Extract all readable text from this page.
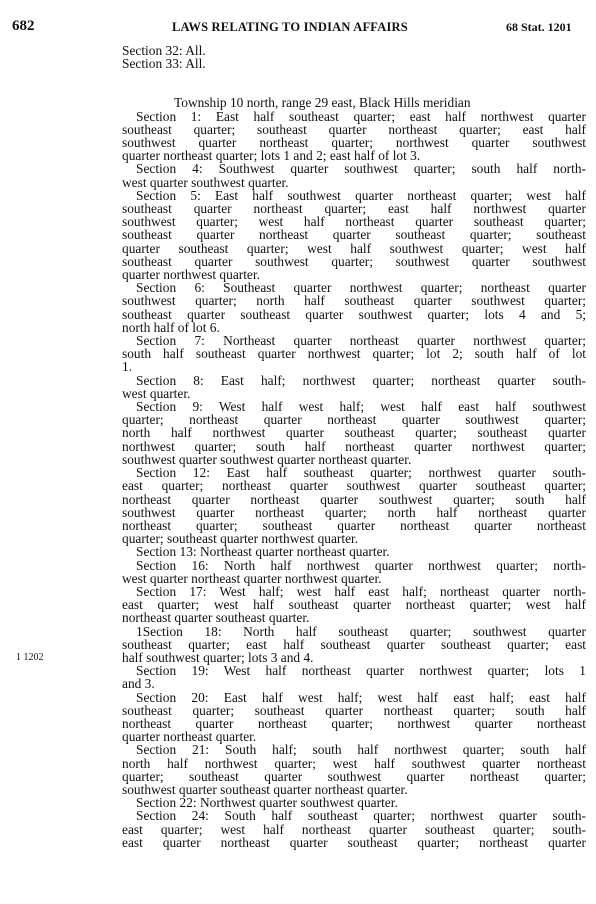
682	LAWS RELATING TO INDIAN AFFAIRS	68 Stat. 1201
1 1202
Section 32: All.
Section 33: All.
Township 10 north, range 29 east, Black Hills meridian
Section 1: East half southeast quarter; east half northwest quarter
southeast quarter; southeast quarter northeast quarter; east half
southwest quarter northeast quarter; northwest quarter southwest
quarter northeast quarter; lots 1 and 2; east half of lot 3.
Section 4: Southwest quarter southwest quarter; south half north-
west quarter southwest quarter.
Section 5: East half southwest quarter northeast quarter; west half
southeast quarter northeast quarter; east half northwest quarter
southwest quarter; west half northeast quarter southeast quarter;
southeast quarter northeast quarter southeast quarter; southeast
quarter southeast quarter; west half southwest quarter; west half
southeast quarter southwest quarter; southwest quarter southwest
quarter northwest quarter.
Section 6: Southeast quarter northwest quarter; northeast quarter
southwest quarter; north half southeast quarter southwest quarter;
southeast quarter southeast quarter southwest quarter; lots 4 and 5;
north half of lot 6.
Section 7: Northeast quarter northeast quarter northwest quarter;
south half southeast quarter northwest quarter; lot 2; south half of lot
1.
Section 8: East half; northwest quarter; northeast quarter south-
west quarter.
Section 9: West half west half; west half east half southwest
quarter; northeast quarter northeast quarter southwest quarter;
north half northwest quarter southeast quarter; southeast quarter
northwest quarter; south half northeast quarter northwest quarter;
southwest quarter southwest quarter northeast quarter.
Section 12: East half southeast quarter; northwest quarter south-
east quarter; northeast quarter southwest quarter southeast quarter;
northeast quarter northeast quarter southwest quarter; south half
southwest quarter northeast quarter; north half northeast quarter
northeast quarter; southeast quarter northeast quarter northeast
quarter; southeast quarter northwest quarter.
Section 13: Northeast quarter northeast quarter.
Section 16: North half northwest quarter northwest quarter; north-
west quarter northeast quarter northwest quarter.
Section 17: West half; west half east half; northeast quarter north-
east quarter; west half southeast quarter northeast quarter; west half
northeast quarter southeast quarter.
1Section 18: North half southeast quarter; southwest quarter
southeast quarter; east half southeast quarter southeast quarter; east
half southwest quarter; lots 3 and 4.
Section 19: West half northeast quarter northwest quarter; lots 1
and 3.
Section 20: East half west half; west half east half; east half
southeast quarter; southeast quarter northeast quarter; south half
northeast quarter northeast quarter; northwest quarter northeast
quarter northeast quarter.
Section 21: South half; south half northwest quarter; south half
north half northwest quarter; west half southwest quarter northeast
quarter; southeast quarter southwest quarter northeast quarter;
southwest quarter southeast quarter northeast quarter.
Section 22: Northwest quarter southwest quarter.
Section 24: South half southeast quarter; northwest quarter south-
east quarter; west half northeast quarter southeast quarter; south-
east quarter northeast quarter southeast quarter; northeast quarter
